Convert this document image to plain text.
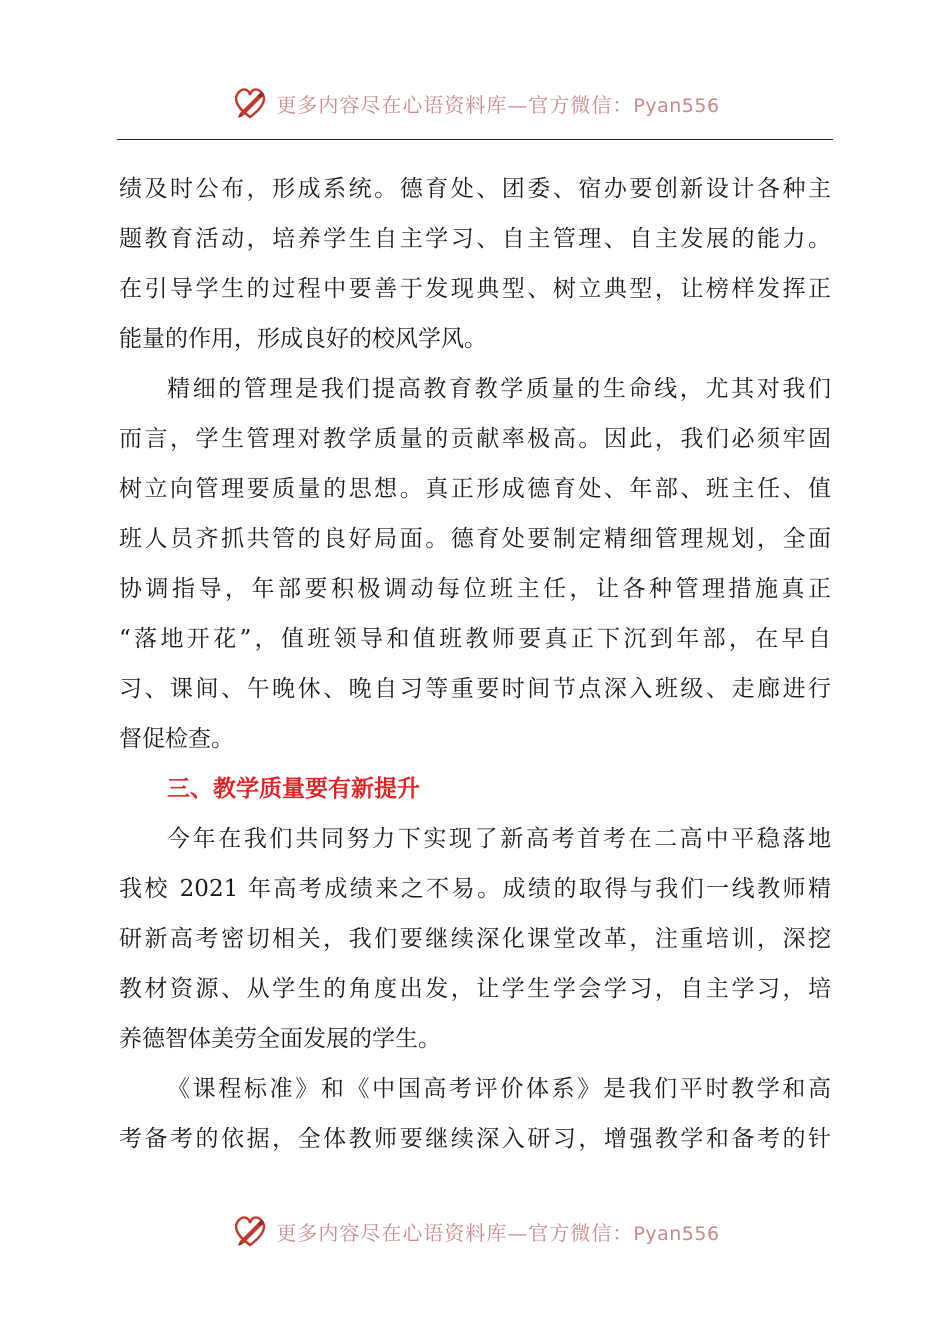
更多内容尽在心语资料库—官方微信：Pyan556
绩及时公布，形成系统。德育处、团委、宿办要创新设计各种主
题教育活动，培养学生自主学习、自主管理、自主发展的能力。
在引导学生的过程中要善于发现典型、树立典型，让榜样发挥正
能量的作用，形成良好的校风学风。
精细的管理是我们提高教育教学质量的生命线，尤其对我们
而言，学生管理对教学质量的贡献率极高。因此，我们必须牢固
树立向管理要质量的思想。真正形成德育处、年部、班主任、值
班人员齐抓共管的良好局面。德育处要制定精细管理规划，全面
协调指导，年部要积极调动每位班主任，让各种管理措施真正
“落地开花”，值班领导和值班教师要真正下沉到年部，在早自
习、课间、午晚休、晚自习等重要时间节点深入班级、走廊进行
督促检查。
三、教学质量要有新提升
今年在我们共同努力下实现了新高考首考在二高中平稳落地
我校 2021 年高考成绩来之不易。成绩的取得与我们一线教师精
研新高考密切相关，我们要继续深化课堂改革，注重培训，深挖
教材资源、从学生的角度出发，让学生学会学习，自主学习，培
养德智体美劳全面发展的学生。
《课程标准》和《中国高考评价体系》是我们平时教学和高
考备考的依据，全体教师要继续深入研习，增强教学和备考的针
更多内容尽在心语资料库—官方微信：Pyan556
